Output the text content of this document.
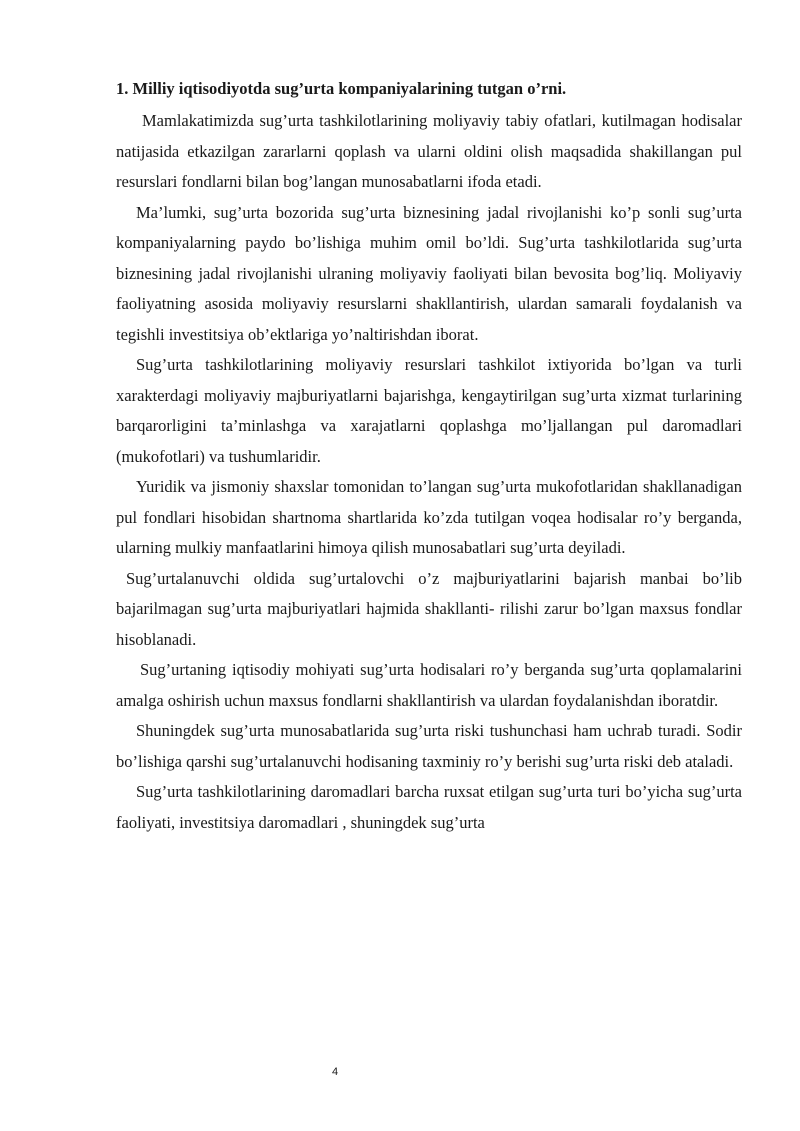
1. Milliy iqtisodiyotda sug’urta kompaniyalarining tutgan o’rni.

Mamlakatimizda sug’urta tashkilotlarining moliyaviy tabiy ofatlari, kutilmagan hodisalar natijasida etkazilgan zararlarni qoplash va ularni oldini olish maqsadida shakillangan pul resurslari fondlarni bilan bog’langan munosabatlarni ifoda etadi.

Ma’lumki, sug’urta bozorida sug’urta biznesining jadal rivojlanishi ko’p sonli sug’urta kompaniyalarning paydo bo’lishiga muhim omil bo’ldi. Sug’urta tashkilotlarida sug’urta biznesining jadal rivojlanishi ulraning moliyaviy faoliyati bilan bevosita bog’liq. Moliyaviy faoliyatning asosida moliyaviy resurslarni shakllantirish, ulardan samarali foydalanish va tegishli investitsiya ob’ektlariga yo’naltirishdan iborat.

Sug’urta tashkilotlarining moliyaviy resurslari tashkilot ixtiyorida bo’lgan va turli xarakterdagi moliyaviy majburiyatlarni bajarishga, kengaytirilgan sug’urta xizmat turlarining barqarorligini ta’minlashga va xarajatlarni qoplashga mo’ljallangan pul daromadlari (mukofotlari) va tushumlaridir.

Yuridik va jismoniy shaxslar tomonidan to’langan sug’urta mukofotlaridan shakllanadigan pul fondlari hisobidan shartnoma shartlarida ko’zda tutilgan voqea hodisalar ro’y berganda, ularning mulkiy manfaatlarini himoya qilish munosabatlari sug’urta deyiladi.

Sug’urtalanuvchi oldida sug’urtalovchi o’z majburiyatlarini bajarish manbai bo’lib bajarilmagan sug’urta majburiyatlari hajmida shakllanti- rilishi zarur bo’lgan maxsus fondlar hisoblanadi.

Sug’urtaning iqtisodiy mohiyati sug’urta hodisalari ro’y berganda sug’urta qoplamalarini amalga oshirish uchun maxsus fondlarni shakllantirish va ulardan foydalanishdan iboratdir.

Shuningdek sug’urta munosabatlarida sug’urta riski tushunchasi ham uchrab turadi. Sodir bo’lishiga qarshi sug’urtalanuvchi hodisaning taxminiy ro’y berishi sug’urta riski deb ataladi.

Sug’urta tashkilotlarining daromadlari barcha ruxsat etilgan sug’urta turi bo’yicha sug’urta faoliyati, investitsiya daromadlari , shuningdek sug’urta

4
